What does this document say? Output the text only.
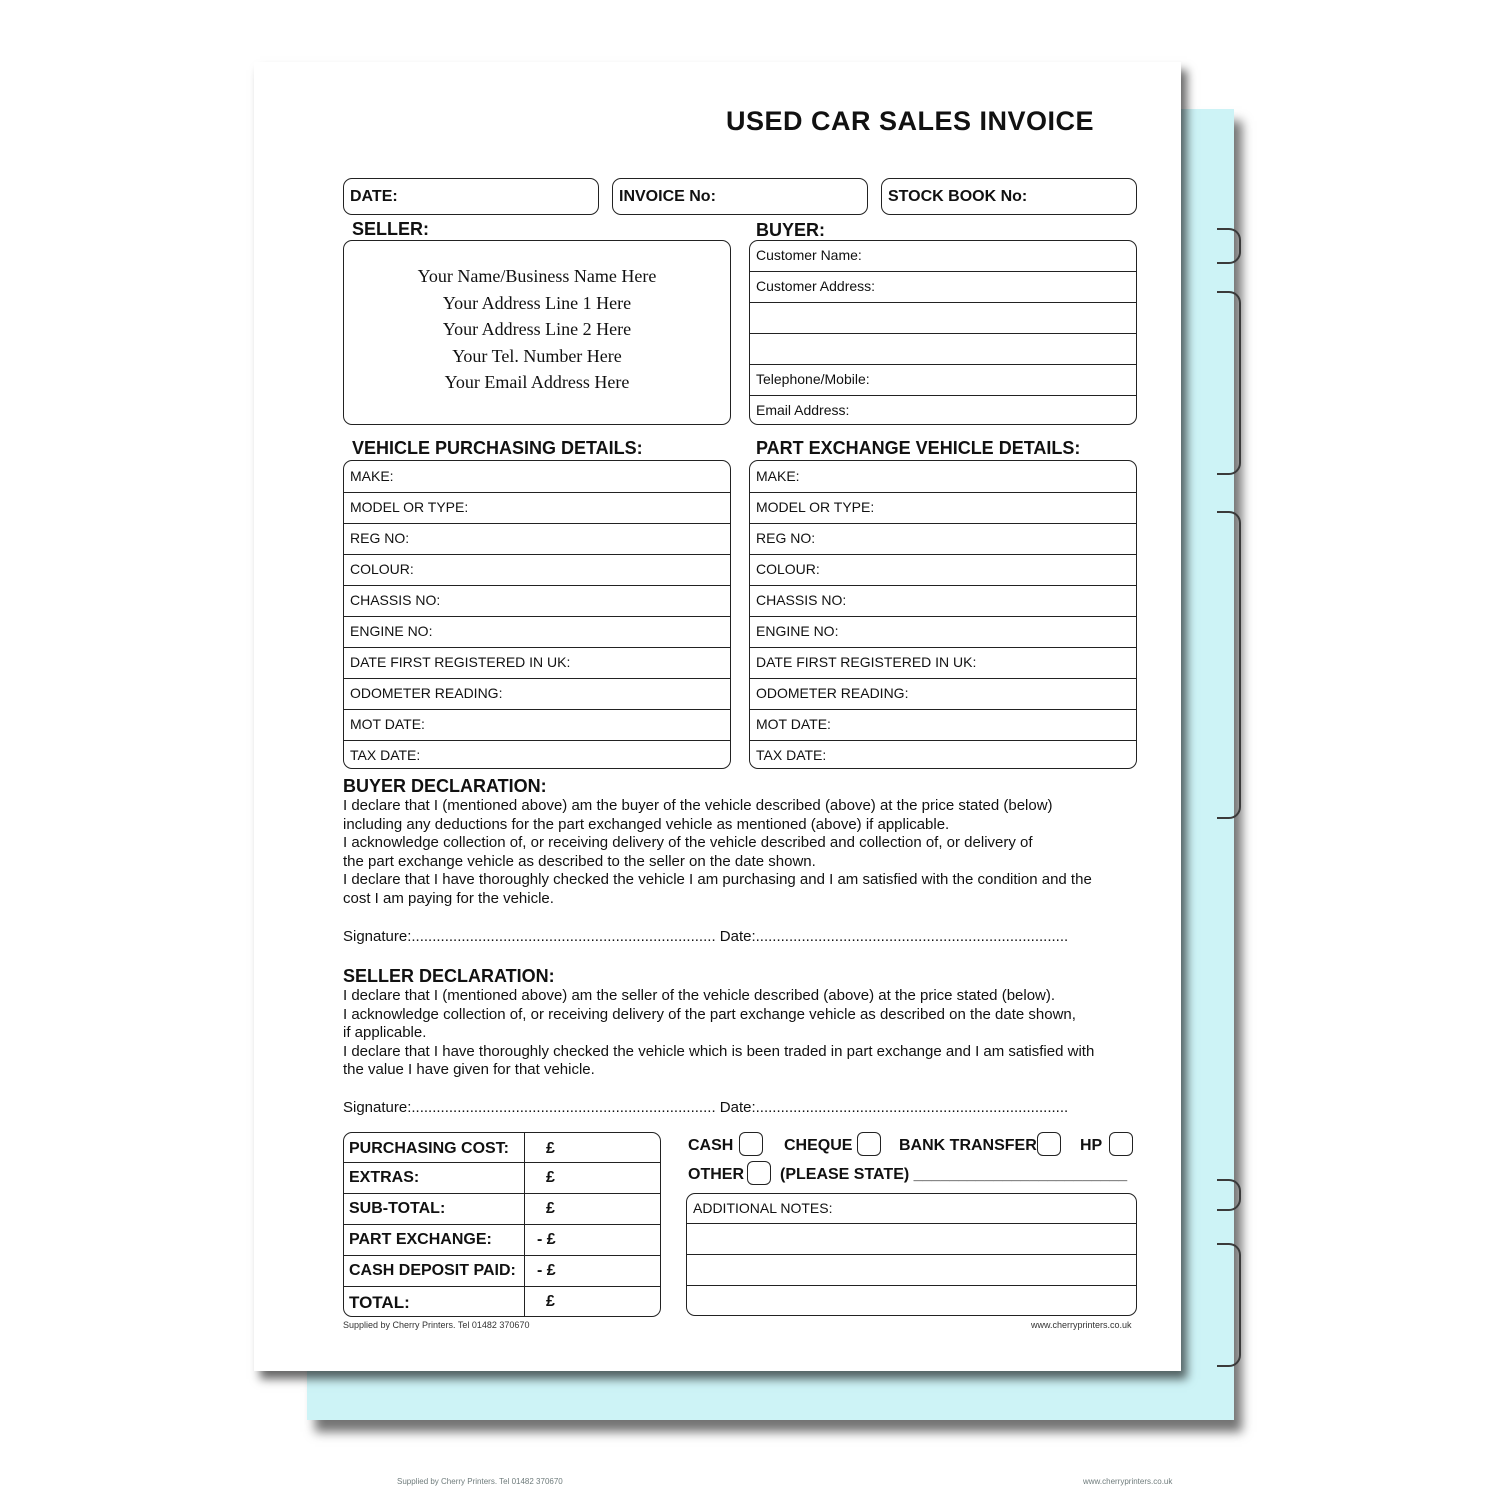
Supplied by Cherry Printers. Tel 01482 370670	www.cherryprinters.co.uk
USED CAR SALES INVOICE
DATE:	INVOICE No:	STOCK BOOK No:
SELLER:
Your Name/Business Name Here
Your Address Line 1 Here
Your Address Line 2 Here
Your Tel. Number Here
Your Email Address Here
BUYER:
Customer Name:
Customer Address:
Telephone/Mobile:
Email Address:
VEHICLE PURCHASING DETAILS:
MAKE:
MODEL OR TYPE:
REG NO:
COLOUR:
CHASSIS NO:
ENGINE NO:
DATE FIRST REGISTERED IN UK:
ODOMETER READING:
MOT DATE:
TAX DATE:
PART EXCHANGE VEHICLE DETAILS:
MAKE:
MODEL OR TYPE:
REG NO:
COLOUR:
CHASSIS NO:
ENGINE NO:
DATE FIRST REGISTERED IN UK:
ODOMETER READING:
MOT DATE:
TAX DATE:
BUYER DECLARATION:
I declare that I (mentioned above) am the buyer of the vehicle described (above) at the price stated (below)
including any deductions for the part exchanged vehicle as mentioned (above) if applicable.
I acknowledge collection of, or receiving delivery of the vehicle described and collection of, or delivery of
the part exchange vehicle as described to the seller on the date shown.
I declare that I have thoroughly checked the vehicle I am purchasing and I am satisfied with the condition and the
cost I am paying for the vehicle.
Signature:......................................................................... Date:...........................................................................
SELLER DECLARATION:
I declare that I (mentioned above) am the seller of the vehicle described (above) at the price stated (below).
I acknowledge collection of, or receiving delivery of the part exchange vehicle as described on the date shown,
if applicable.
I declare that I have thoroughly checked the vehicle which is been traded in part exchange and I am satisfied with
the value I have given for that vehicle.
Signature:......................................................................... Date:...........................................................................
PURCHASING COST: £
EXTRAS:	£
SUB-TOTAL:	£
PART EXCHANGE:	- £
CASH DEPOSIT PAID: - £
TOTAL:	£
CASH	CHEQUE	BANK TRANSFER	HP
OTHER (PLEASE STATE) ________________________
ADDITIONAL NOTES:
Supplied by Cherry Printers. Tel 01482 370670	www.cherryprinters.co.uk
